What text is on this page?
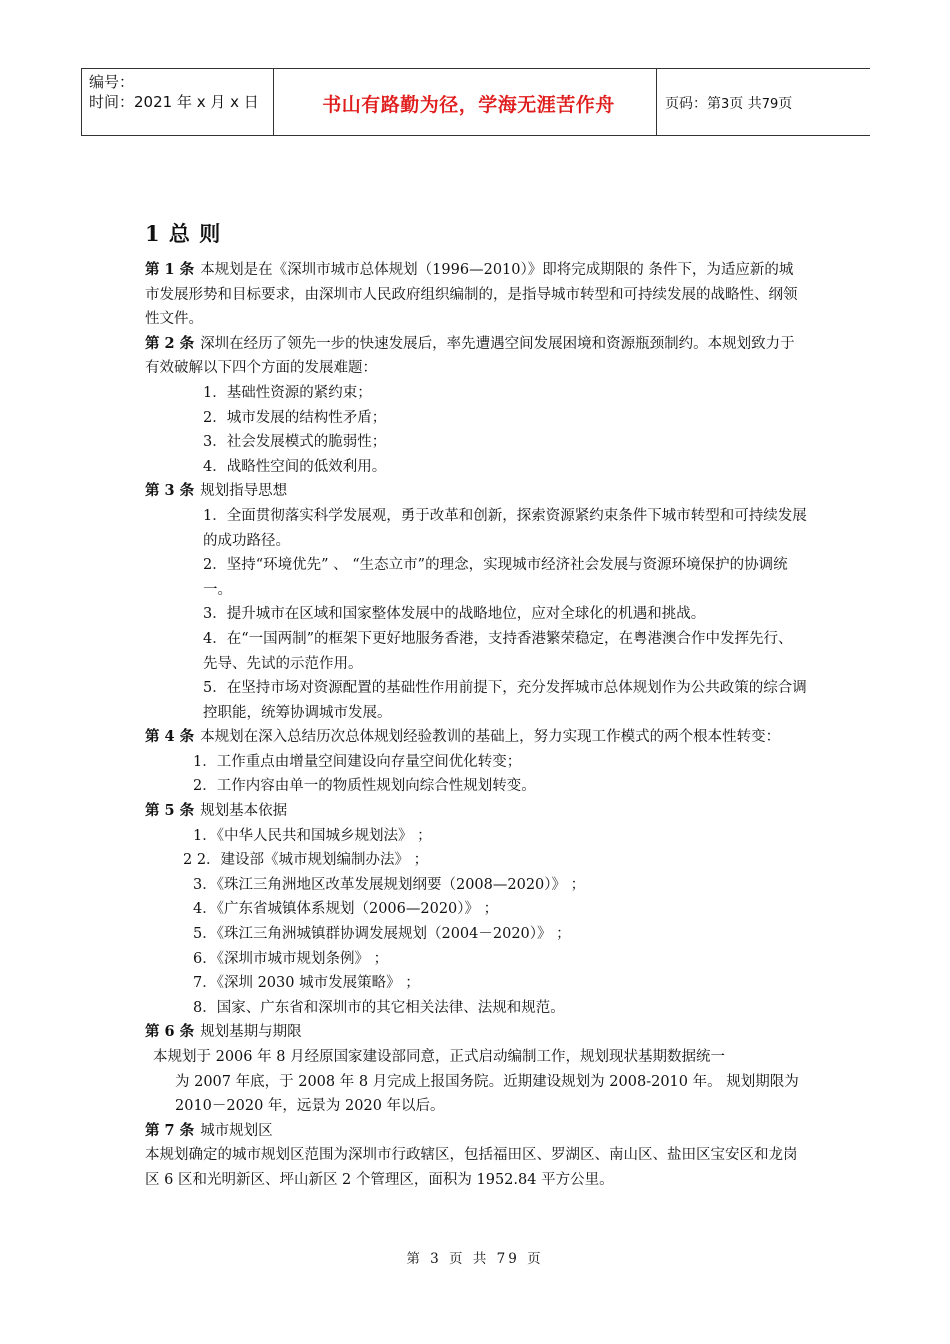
编号：
时间：2021 年 x 月 x 日	书山有路勤为径，学海无涯苦作舟	页码：第3页 共79页
1 总 则

第 1 条 本规划是在《深圳市城市总体规划（1996—2010）》即将完成期限的 条件下，为适应新的城市发展形势和目标要求，由深圳市人民政府组织编制的，是指导城市转型和可持续发展的战略性、纲领性文件。

第 2 条 深圳在经历了领先一步的快速发展后，率先遭遇空间发展困境和资源瓶颈制约。本规划致力于有效破解以下四个方面的发展难题：

1．基础性资源的紧约束；

2．城市发展的结构性矛盾；

3．社会发展模式的脆弱性；

4．战略性空间的低效利用。

第 3 条 规划指导思想

1．全面贯彻落实科学发展观，勇于改革和创新，探索资源紧约束条件下城市转型和可持续发展的成功路径。

2．坚持“环境优先” 、 “生态立市”的理念，实现城市经济社会发展与资源环境保护的协调统一。

3．提升城市在区域和国家整体发展中的战略地位，应对全球化的机遇和挑战。

4．在“一国两制”的框架下更好地服务香港，支持香港繁荣稳定，在粤港澳合作中发挥先行、先导、先试的示范作用。

5．在坚持市场对资源配置的基础性作用前提下，充分发挥城市总体规划作为公共政策的综合调控职能，统筹协调城市发展。

第 4 条 本规划在深入总结历次总体规划经验教训的基础上，努力实现工作模式的两个根本性转变：

1．工作重点由增量空间建设向存量空间优化转变；

2．工作内容由单一的物质性规划向综合性规划转变。

第 5 条 规划基本依据

1．《中华人民共和国城乡规划法》 ；

2 2．建设部《城市规划编制办法》 ；

3．《珠江三角洲地区改革发展规划纲要（2008—2020）》 ；

4．《广东省城镇体系规划（2006—2020）》 ；

5．《珠江三角洲城镇群协调发展规划（2004－2020）》 ；

6．《深圳市城市规划条例》 ；

7．《深圳 2030 城市发展策略》 ；

8．国家、广东省和深圳市的其它相关法律、法规和规范。

第 6 条 规划基期与期限

本规划于 2006 年 8 月经原国家建设部同意，正式启动编制工作，规划现状基期数据统一

为 2007 年底，于 2008 年 8 月完成上报国务院。近期建设规划为 2008-2010 年。 规划期限为 2010－2020 年，远景为 2020 年以后。

第 7 条 城市规划区

本规划确定的城市规划区范围为深圳市行政辖区，包括福田区、罗湖区、南山区、盐田区宝安区和龙岗区 6 区和光明新区、坪山新区 2 个管理区，面积为 1952.84 平方公里。

第 3 页 共 79 页
